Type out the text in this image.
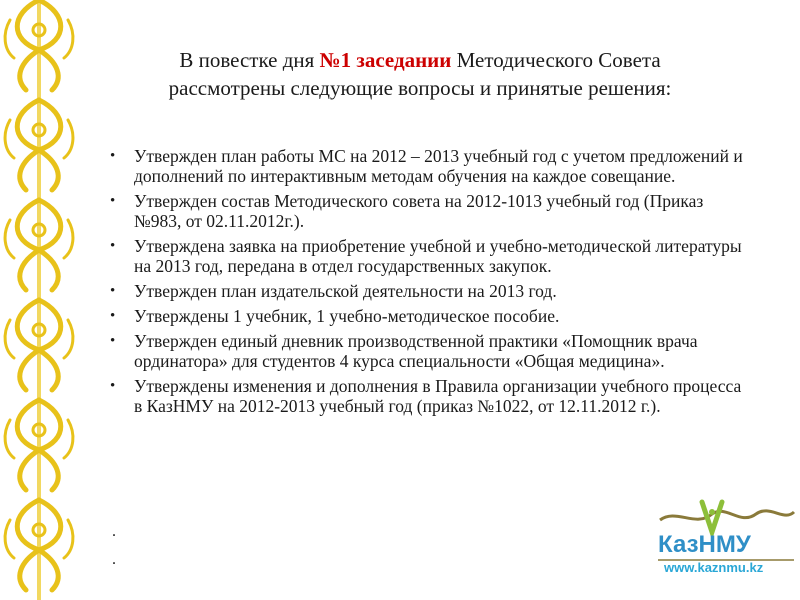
В повестке дня №1 заседании Методического Совета
рассмотрены следующие вопросы и принятые решения:
• Утвержден план работы МС на 2012 – 2013 учебный год с учетом предложений и дополнений по интерактивным методам обучения на каждое совещание.
• Утвержден состав Методического совета на 2012-1013 учебный год (Приказ №983, от 02.11.2012г.).
• Утверждена заявка на приобретение учебной и учебно-методической литературы на 2013 год, передана в отдел государственных закупок.
• Утвержден план издательской деятельности на 2013 год.
• Утверждены 1 учебник, 1 учебно-методическое пособие.
• Утвержден единый дневник производственной практики «Помощник врача ординатора» для студентов 4 курса специальности «Общая медицина».
• Утверждены изменения и дополнения в Правила организации учебного процесса в КазНМУ на 2012-2013 учебный год (приказ №1022, от 12.11.2012 г.).
.
.
КазНМУ
www.kaznmu.kz
